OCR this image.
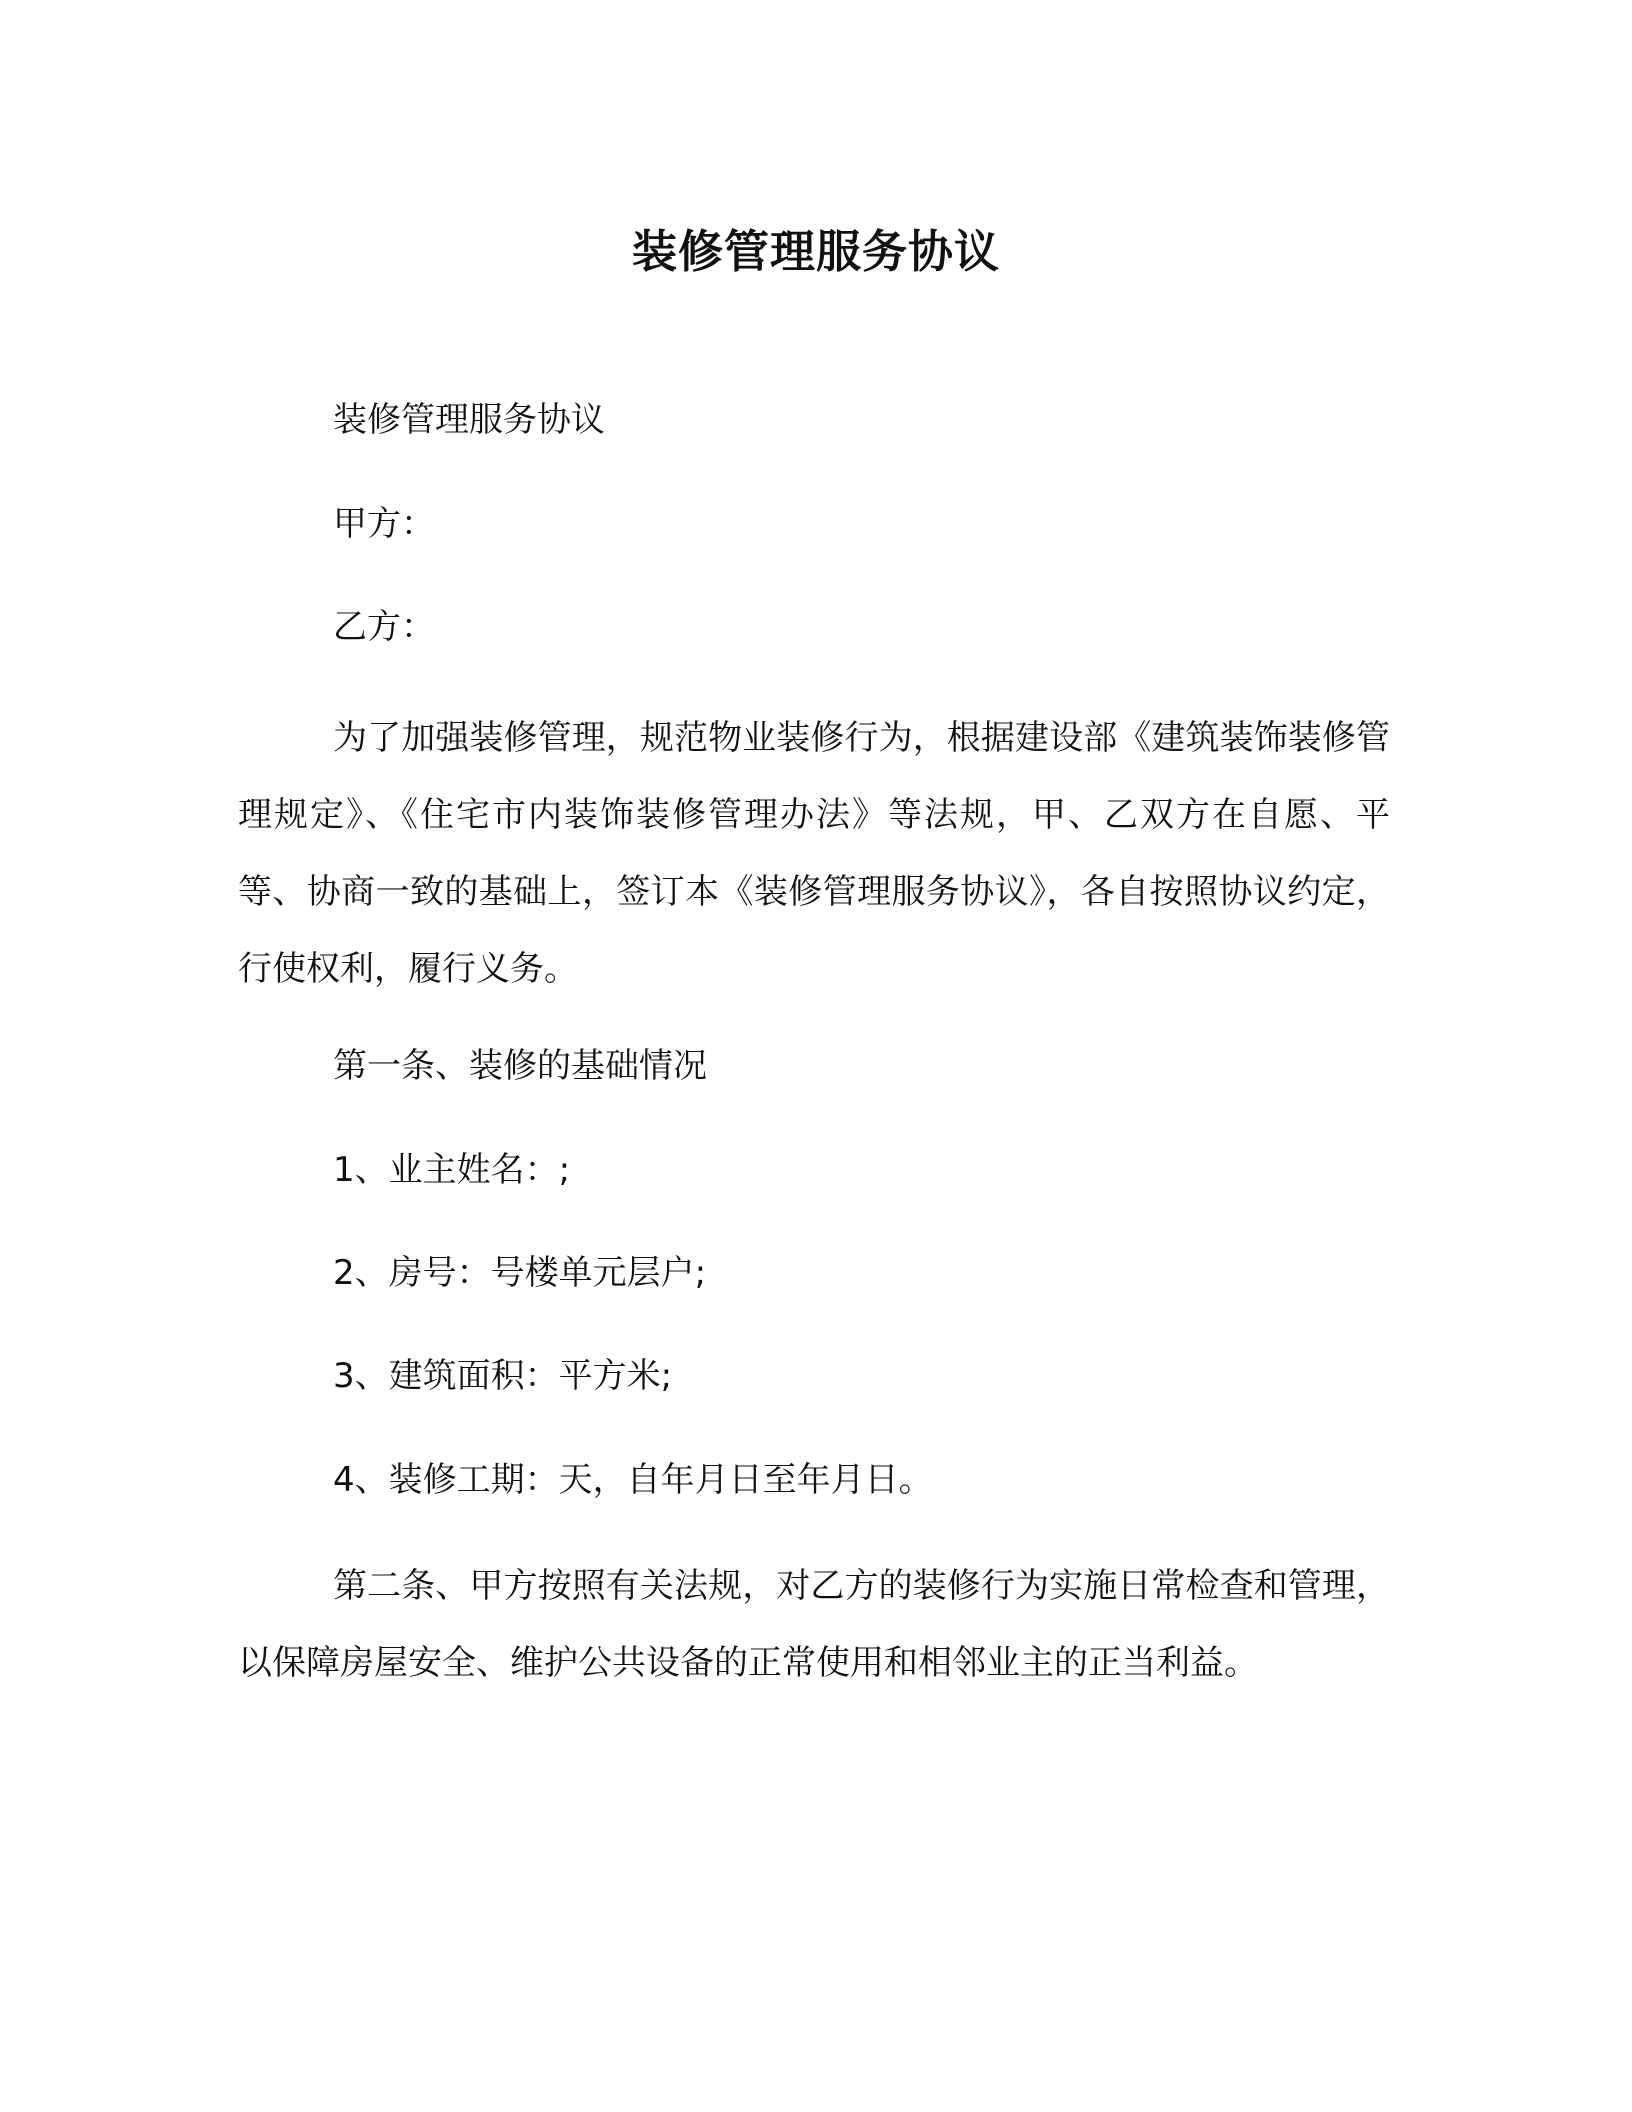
装修管理服务协议
装修管理服务协议
甲方：
乙方：

为了加强装修管理，规范物业装修行为，根据建设部《建筑装饰装修管理规定》、《住宅市内装饰装修管理办法》等法规，甲、乙双方在自愿、平等、协商一致的基础上，签订本《装修管理服务协议》，各自按照协议约定，行使权利，履行义务。

第一条、装修的基础情况
1、业主姓名：;
2、房号：号楼单元层户;
3、建筑面积：平方米;
4、装修工期：天，自年月日至年月日。

第二条、甲方按照有关法规，对乙方的装修行为实施日常检查和管理，以保障房屋安全、维护公共设备的正常使用和相邻业主的正当利益。
